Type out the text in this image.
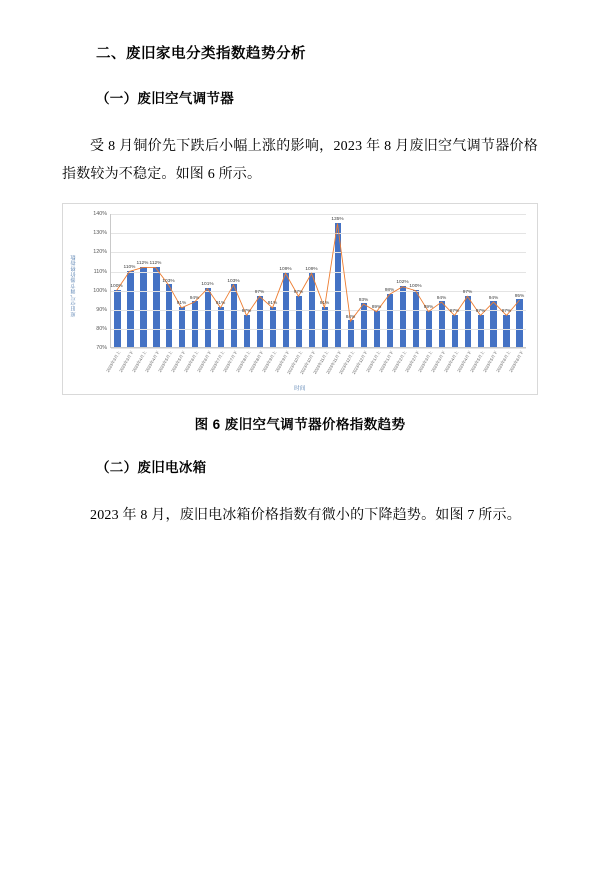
二、废旧家电分类指数趋势分析
（一）废旧空气调节器

受 8 月铜价先下跌后小幅上涨的影响，2023 年 8 月废旧空气调节器价格指数较为不稳定。如图 6 所示。

废旧空气调节器价格指数
70%
80%
90%
100%
110%
120%
130%
140%
2023年3月上
2023年3月下
2023年4月上
2023年4月下
2023年5月上
2023年5月下
2023年6月上
2023年6月下
2023年7月上
2023年7月下
2023年8月上
2023年8月下
2023年9月上
2023年9月下
2023年10月上
2023年10月下
2023年11月上
2023年11月下
2023年12月上
2023年12月下
2023年1月上
2023年1月下
2023年2月上
2023年2月下
2023年3月上
2023年3月下
2023年4月上
2023年4月下
2023年5月上
2023年5月下
2023年6月上
2023年6月下
时间
100%
110%
112% 112%
103%
91%
94%
101%
91%
103%
87%
97%
91%
109%
97%
109%
91%
135%
84%
93%
89%
98%
102%
100%
89%
94%
87%
97%
87%
94%
87%
95%
图 6 废旧空气调节器价格指数趋势
（二）废旧电冰箱

2023 年 8 月，废旧电冰箱价格指数有微小的下降趋势。如图 7 所示。
